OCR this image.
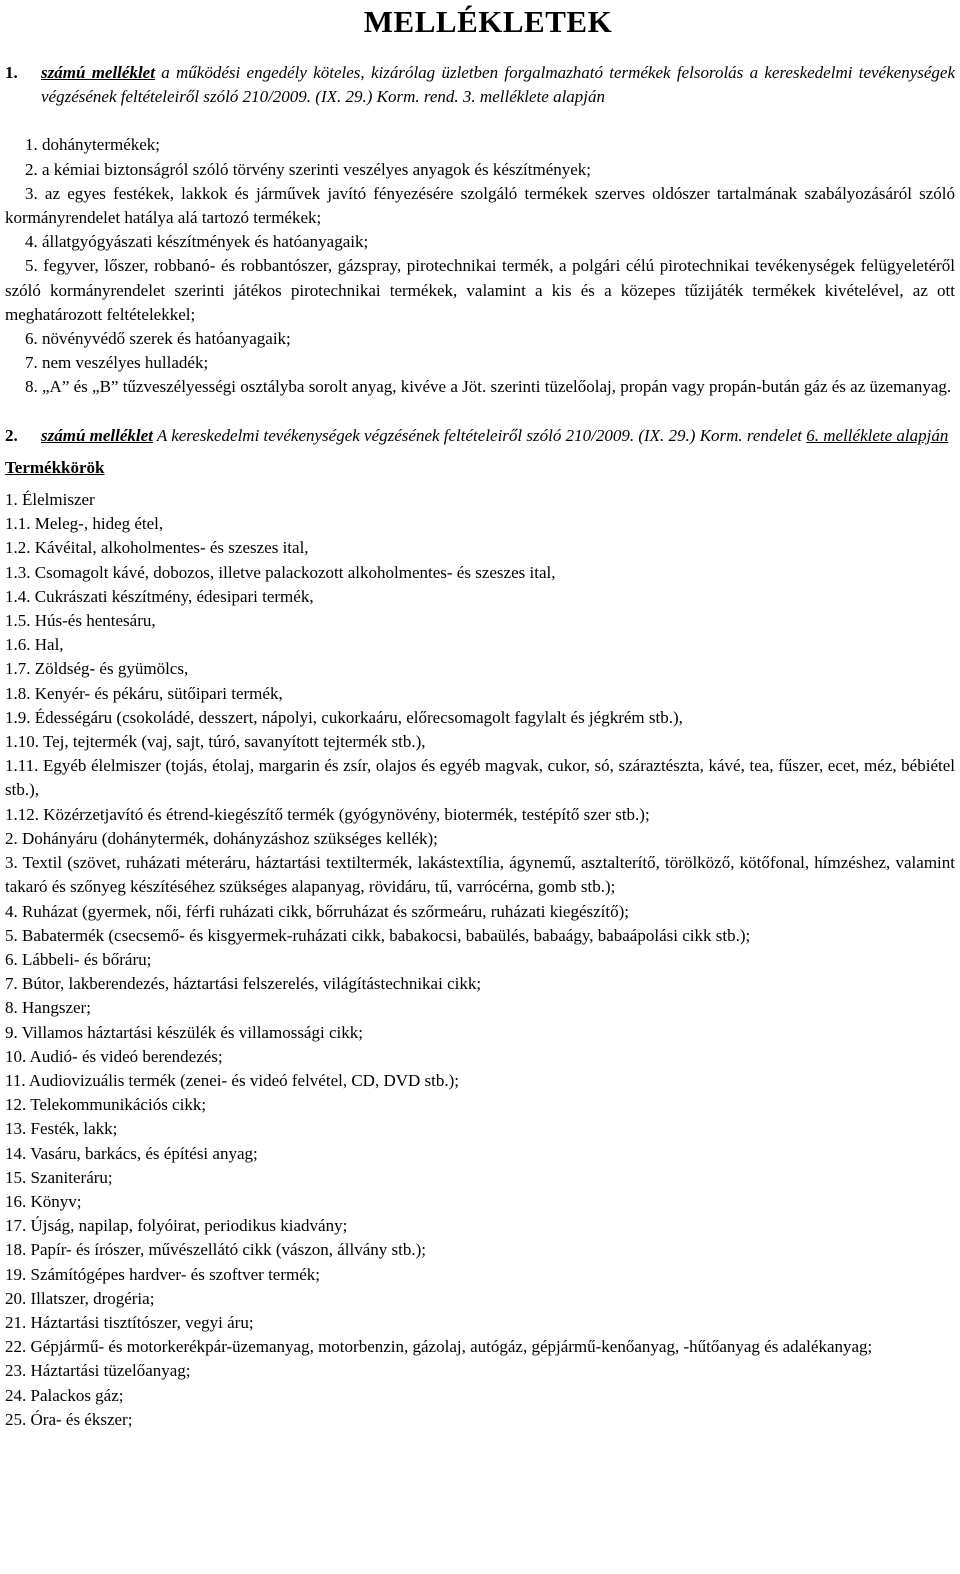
MELLÉKLETEK
1.	számú melléklet a működési engedély köteles, kizárólag üzletben forgalmazható termékek felsorolás a kereskedelmi tevékenységek végzésének feltételeiről szóló 210/2009. (IX. 29.) Korm. rend. 3. melléklete alapján
1. dohánytermékek;
2. a kémiai biztonságról szóló törvény szerinti veszélyes anyagok és készítmények;
3. az egyes festékek, lakkok és járművek javító fényezésére szolgáló termékek szerves oldószer tartalmának szabályozásáról szóló kormányrendelet hatálya alá tartozó termékek;
4. állatgyógyászati készítmények és hatóanyagaik;
5. fegyver, lőszer, robbanó- és robbantószer, gázspray, pirotechnikai termék, a polgári célú pirotechnikai tevékenységek felügyeletéről szóló kormányrendelet szerinti játékos pirotechnikai termékek, valamint a kis és a közepes tűzijáték termékek kivételével, az ott meghatározott feltételekkel;
6. növényvédő szerek és hatóanyagaik;
7. nem veszélyes hulladék;
8. „A” és „B” tűzveszélyességi osztályba sorolt anyag, kivéve a Jöt. szerinti tüzelőolaj, propán vagy propán-bután gáz és az üzemanyag.
2.	számú melléklet A kereskedelmi tevékenységek végzésének feltételeiről szóló 210/2009. (IX. 29.) Korm. rendelet 6. melléklete alapján
Termékkörök
1. Élelmiszer
1.1. Meleg-, hideg étel,
1.2. Kávéital, alkoholmentes- és szeszes ital,
1.3. Csomagolt kávé, dobozos, illetve palackozott alkoholmentes- és szeszes ital,
1.4. Cukrászati készítmény, édesipari termék,
1.5. Hús-és hentesáru,
1.6. Hal,
1.7. Zöldség- és gyümölcs,
1.8. Kenyér- és pékáru, sütőipari termék,
1.9. Édességáru (csokoládé, desszert, nápolyi, cukorkaáru, előrecsomagolt fagylalt és jégkrém stb.),
1.10. Tej, tejtermék (vaj, sajt, túró, savanyított tejtermék stb.),
1.11. Egyéb élelmiszer (tojás, étolaj, margarin és zsír, olajos és egyéb magvak, cukor, só, száraztészta, kávé, tea, fűszer, ecet, méz, bébiétel stb.),
1.12. Közérzetjavító és étrend-kiegészítő termék (gyógynövény, biotermék, testépítő szer stb.);
2. Dohányáru (dohánytermék, dohányzáshoz szükséges kellék);
3. Textil (szövet, ruházati méteráru, háztartási textiltermék, lakástextília, ágynemű, asztalterítő, törölköző, kötőfonal, hímzéshez, valamint takaró és szőnyeg készítéséhez szükséges alapanyag, rövidáru, tű, varrócérna, gomb stb.);
4. Ruházat (gyermek, női, férfi ruházati cikk, bőrruházat és szőrmeáru, ruházati kiegészítő);
5. Babatermék (csecsemő- és kisgyermek-ruházati cikk, babakocsi, babaülés, babaágy, babaápolási cikk stb.);
6. Lábbeli- és bőráru;
7. Bútor, lakberendezés, háztartási felszerelés, világítástechnikai cikk;
8. Hangszer;
9. Villamos háztartási készülék és villamossági cikk;
10. Audió- és videó berendezés;
11. Audiovizuális termék (zenei- és videó felvétel, CD, DVD stb.);
12. Telekommunikációs cikk;
13. Festék, lakk;
14. Vasáru, barkács, és építési anyag;
15. Szaniteráru;
16. Könyv;
17. Újság, napilap, folyóirat, periodikus kiadvány;
18. Papír- és írószer, művészellátó cikk (vászon, állvány stb.);
19. Számítógépes hardver- és szoftver termék;
20. Illatszer, drogéria;
21. Háztartási tisztítószer, vegyi áru;
22. Gépjármű- és motorkerékpár-üzemanyag, motorbenzin, gázolaj, autógáz, gépjármű-kenőanyag, -hűtőanyag és adalékanyag;
23. Háztartási tüzelőanyag;
24. Palackos gáz;
25. Óra- és ékszer;
